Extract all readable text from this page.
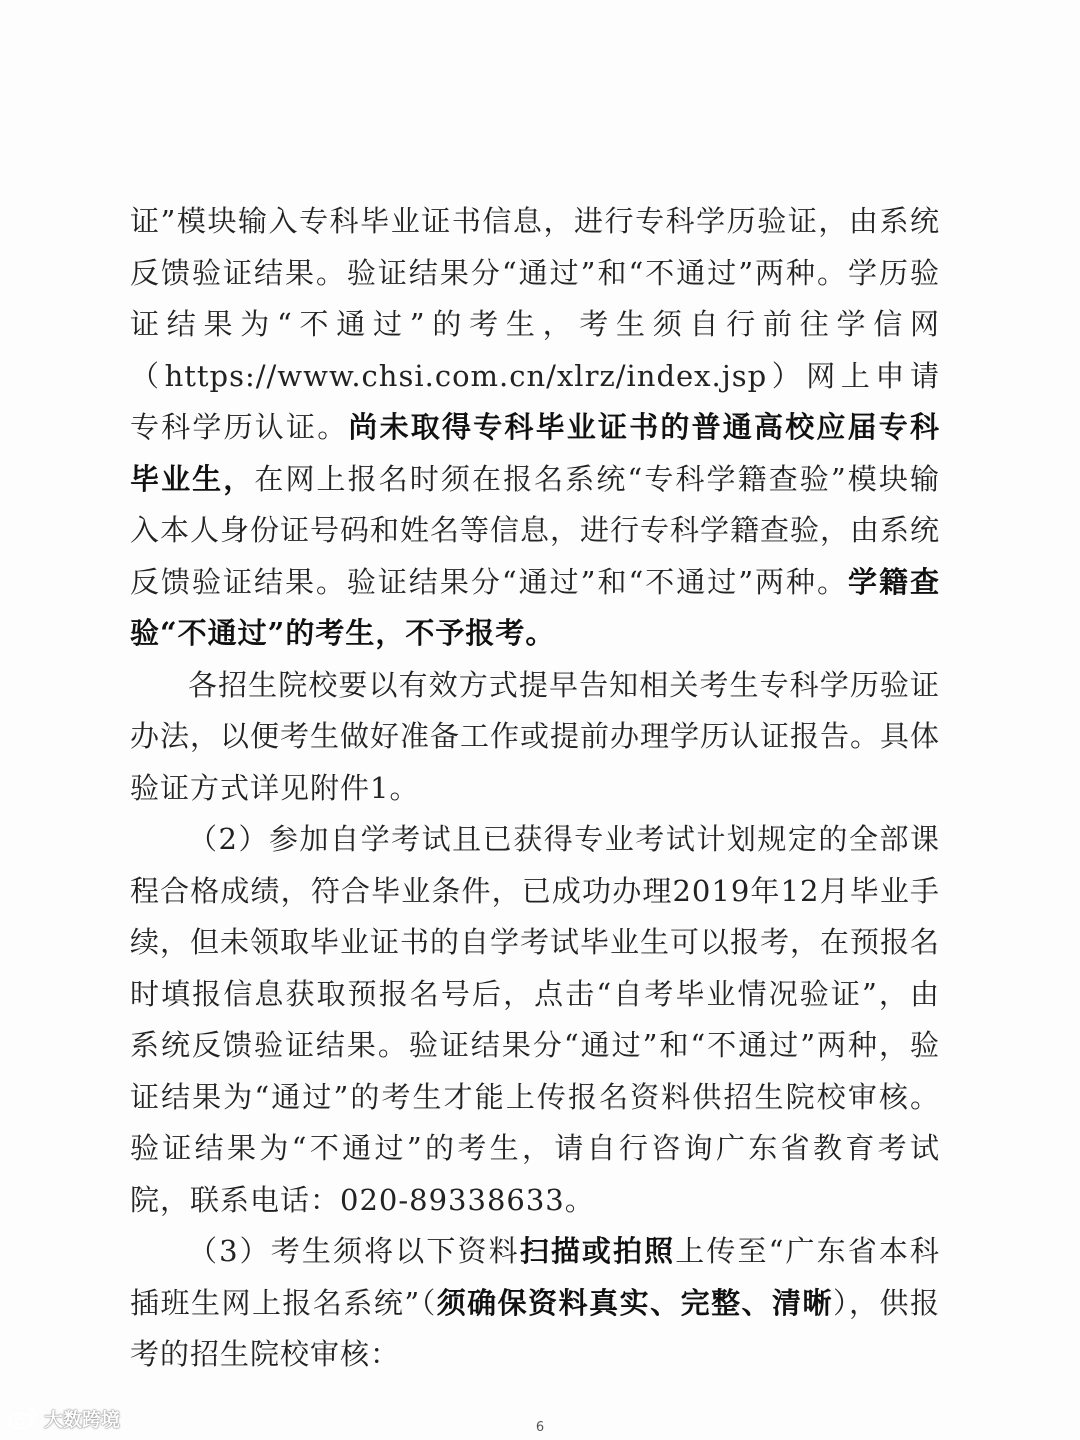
证”模块输入专科毕业证书信息，进行专科学历验证，由系统反馈验证结果。验证结果分“通过”和“不通过”两种。学历验证结果为“不通过”的考生，考生须自行前往学信网（https://www.chsi.com.cn/xlrz/index.jsp）网上申请专科学历认证。尚未取得专科毕业证书的普通高校应届专科毕业生，在网上报名时须在报名系统“专科学籍查验”模块输入本人身份证号码和姓名等信息，进行专科学籍查验，由系统反馈验证结果。验证结果分“通过”和“不通过”两种。学籍查验“不通过”的考生，不予报考。

各招生院校要以有效方式提早告知相关考生专科学历验证办法，以便考生做好准备工作或提前办理学历认证报告。具体验证方式详见附件1。

（2）参加自学考试且已获得专业考试计划规定的全部课程合格成绩，符合毕业条件，已成功办理2019年12月毕业手续，但未领取毕业证书的自学考试毕业生可以报考，在预报名时填报信息获取预报名号后，点击“自考毕业情况验证”，由系统反馈验证结果。验证结果分“通过”和“不通过”两种，验证结果为“通过”的考生才能上传报名资料供招生院校审核。验证结果为“不通过”的考生，请自行咨询广东省教育考试院，联系电话：020-89338633。

（3）考生须将以下资料扫描或拍照上传至“广东省本科插班生网上报名系统”（须确保资料真实、完整、清晰），供报考的招生院校审核：

6
大数跨境
